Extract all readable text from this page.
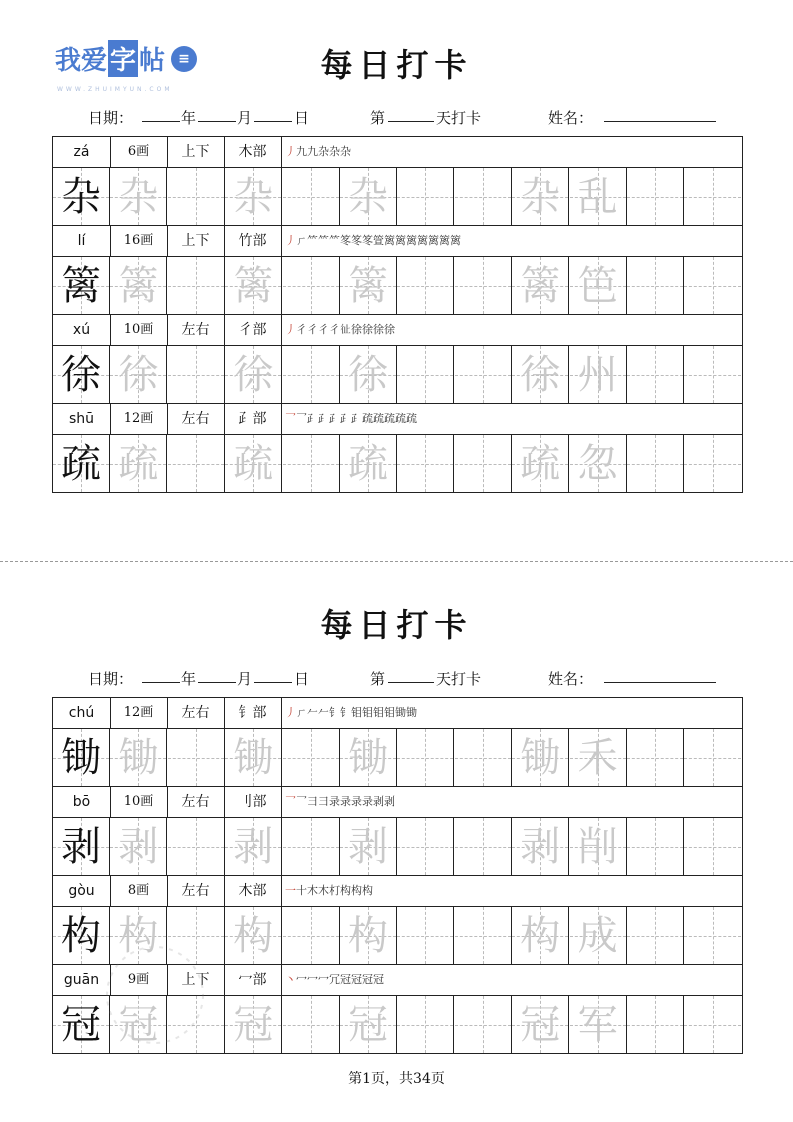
我爱 字 帖 ≡
WWW.ZHUIMYUN.COM
每日打卡
日期：	年	月	日	第	天打卡	姓名：
zá	6画	上下	木部	丿九九杂杂杂
杂 杂 杂 杂	杂 乱
lí	16画	上下	竹部	丿ㄏ⺮⺮⺮笗笗笗箮篱篱篱篱篱篱篱
篱 篱 篱 篱	篱 笆
xú	10画	左右	彳部	丿彳彳彳彳𢓊徐徐徐徐
徐 徐 徐 徐	徐 州
shū	12画	左右	⺪部	乛乛⺪⺪⺪⺪⺪疏疏疏疏疏
疏 疏 疏 疏	疏 忽
每日打卡
日期：	年	月	日	第	天打卡	姓名：
chú	12画	左右	钅部	丿ㄏ𠂉𠂉钅钅钼钼钼钼锄锄
锄 锄 锄 锄	锄 禾
bō	10画	左右	刂部	乛乛彐彐录录录录剥剥
剥 剥 剥 剥	剥 削
gòu	8画	左右	木部	一十木木朾构构构
构 构 构 构	构 成
guān	9画	上下	冖部	丶冖冖冖冗冠冠冠冠
冠 冠 冠 冠	冠 军
第1页，共34页
